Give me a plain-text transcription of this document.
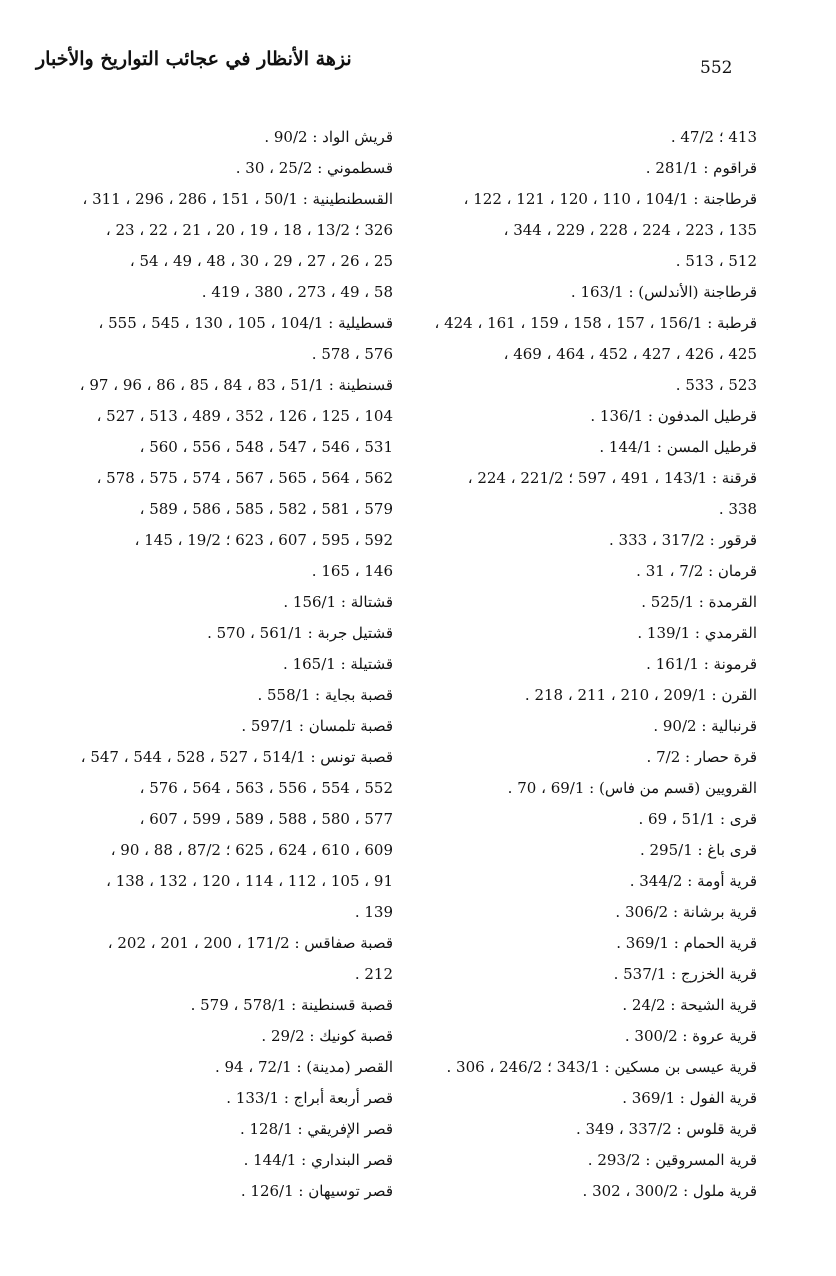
552
نزهة الأنظار في عجائب التواريخ والأخبار
413 ؛ 47/2 .
قراقوم : 281/1 .
قرطاجنة : 104/1 ، 110 ، 120 ، 121 ، 122 ،
135 ، 223 ، 224 ، 228 ، 229 ، 344 ،
512 ، 513 .
قرطاجنة (الأندلس) : 163/1 .
قرطبة : 156/1 ، 157 ، 158 ، 159 ، 161 ، 424 ،
425 ، 426 ، 427 ، 452 ، 464 ، 469 ،
523 ، 533 .
قرطيل المدفون : 136/1 .
قرطيل المسن : 144/1 .
قرقنة : 143/1 ، 491 ، 597 ؛ 221/2 ، 224 ،
338 .
قرقور : 317/2 ، 333 .
قرمان : 7/2 ، 31 .
القرمدة : 525/1 .
القرمدي : 139/1 .
قرمونة : 161/1 .
القرن : 209/1 ، 210 ، 211 ، 218 .
قرنبالية : 90/2 .
قرة حصار : 7/2 .
القرويين (قسم من فاس) : 69/1 ، 70 .
قرى : 51/1 ، 69 .
قرى باغ : 295/1 .
قرية أومة : 344/2 .
قرية برشانة : 306/2 .
قرية الحمام : 369/1 .
قرية الخزرج : 537/1 .
قرية الشيحة : 24/2 .
قرية عروة : 300/2 .
قرية عيسى بن مسكين : 343/1 ؛ 246/2 ، 306 .
قرية الفول : 369/1 .
قرية قلوس : 337/2 ، 349 .
قرية المسروقين : 293/2 .
قرية ملول : 300/2 ، 302 .
قريش الواد : 90/2 .
قسطموني : 25/2 ، 30 .
القسطنطينية : 50/1 ، 151 ، 286 ، 296 ، 311 ،
326 ؛ 13/2 ، 18 ، 19 ، 20 ، 21 ، 22 ، 23 ،
25 ، 26 ، 27 ، 29 ، 30 ، 48 ، 49 ، 54 ،
58 ، 49 ، 273 ، 380 ، 419 .
قسطيلية : 104/1 ، 105 ، 130 ، 545 ، 555 ،
576 ، 578 .
قسنطينة : 51/1 ، 83 ، 84 ، 85 ، 86 ، 96 ، 97 ،
104 ، 125 ، 126 ، 352 ، 489 ، 513 ، 527 ،
531 ، 546 ، 547 ، 548 ، 556 ، 560 ،
562 ، 564 ، 565 ، 567 ، 574 ، 575 ، 578 ،
579 ، 581 ، 582 ، 585 ، 586 ، 589 ،
592 ، 595 ، 607 ، 623 ؛ 19/2 ، 145 ،
146 ، 165 .
قشتالة : 156/1 .
قشتيل جربة : 561/1 ، 570 .
قشتيلة : 165/1 .
قصبة بجاية : 558/1 .
قصبة تلمسان : 597/1 .
قصبة تونس : 514/1 ، 527 ، 528 ، 544 ، 547 ،
552 ، 554 ، 556 ، 563 ، 564 ، 576 ،
577 ، 580 ، 588 ، 589 ، 599 ، 607 ،
609 ، 610 ، 624 ، 625 ؛ 87/2 ، 88 ، 90 ،
91 ، 105 ، 112 ، 114 ، 120 ، 132 ، 138 ،
139 .
قصبة صفاقس : 171/2 ، 200 ، 201 ، 202 ،
212 .
قصبة قسنطينة : 578/1 ، 579 .
قصبة كونيك : 29/2 .
القصر (مدينة) : 72/1 ، 94 .
قصر أربعة أبراج : 133/1 .
قصر الإفريقي : 128/1 .
قصر البنداري : 144/1 .
قصر توسيهان : 126/1 .
